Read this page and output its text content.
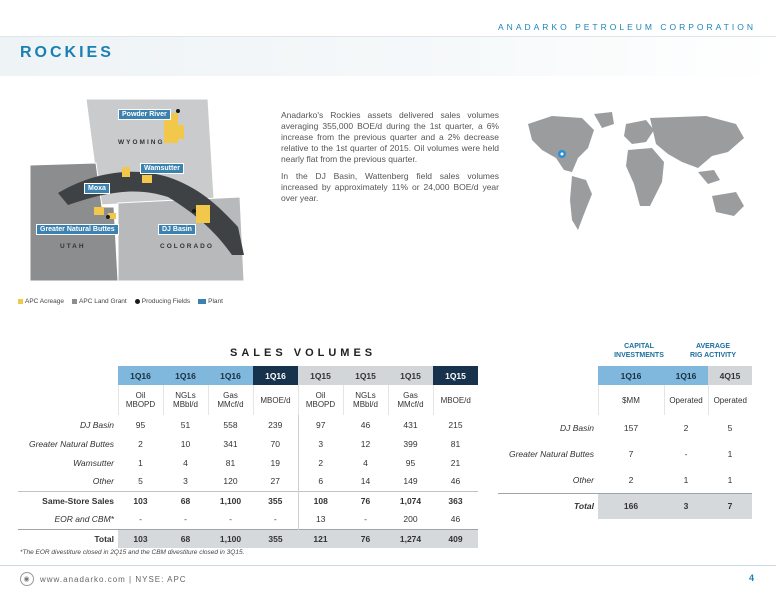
ANADARKO PETROLEUM CORPORATION
ROCKIES
WYOMING
UTAH	COLORADO
Powder River
Wamsutter
Moxa
Greater Natural Buttes	DJ Basin
APC Acreage APC Land Grant Producing Fields	Plant

Anadarko's Rockies assets delivered sales volumes averaging 355,000 BOE/d during the 1st quarter, a 6% increase from the previous quarter and a 2% decrease relative to the 1st quarter of 2015. Oil volumes were held nearly flat from the previous quarter.

In the DJ Basin, Wattenberg field sales volumes increased by approximately 11% or 24,000 BOE/d year over year.

SALES VOLUMES
	1Q16	1Q16	1Q16	1Q16	1Q15	1Q15	1Q15	1Q15
	Oil
MBOPD	NGLs
MBbl/d	Gas
MMcf/d	MBOE/d	Oil
MBOPD	NGLs
MBbl/d	Gas
MMcf/d	MBOE/d
DJ Basin	95	51	558	239	97	46	431	215
Greater Natural Buttes	2	10	341	70	3	12	399	81
Wamsutter	1	4	81	19	2	4	95	21
Other	5	3	120	27	6	14	149	46
Same-Store Sales	103	68	1,100	355	108	76	1,074	363
EOR and CBM*	-	-	-	-	13	-	200	46
Total	103	68	1,100	355	121	76	1,274	409
*The EOR divestiture closed in 2Q15 and the CBM divestiture closed in 3Q15.
CAPITAL
INVESTMENTS
AVERAGE
RIG ACTIVITY
	1Q16	1Q16	4Q15
	$MM	Operated	Operated
DJ Basin	157	2	5
Greater Natural Buttes	7	-	1
Other	2	1	1
Total	166	3	7
◉	www.anadarko.com | NYSE: APC	4
